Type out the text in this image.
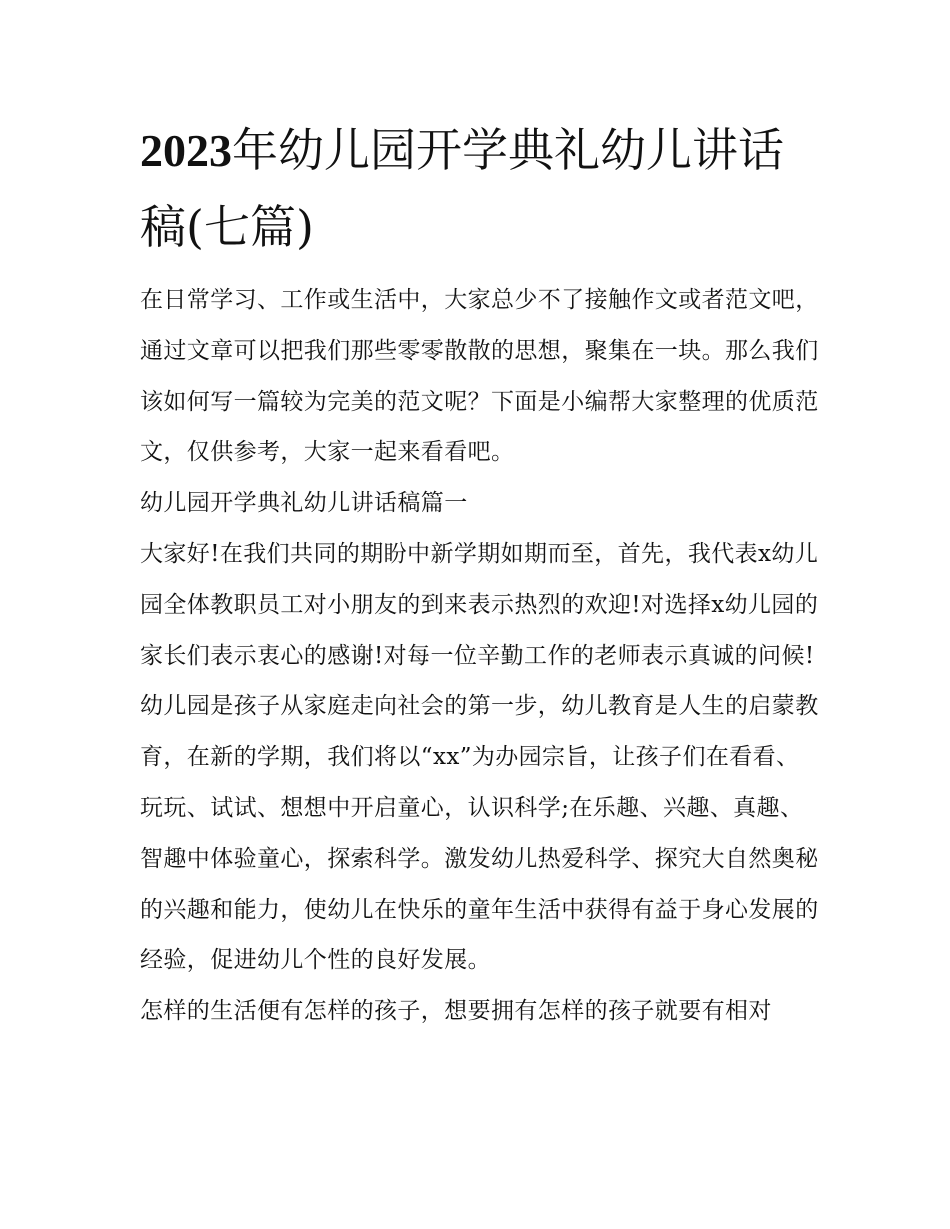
2023年幼儿园开学典礼幼儿讲话稿(七篇)

在日常学习、工作或生活中，大家总少不了接触作文或者范文吧，通过文章可以把我们那些零零散散的思想，聚集在一块。那么我们该如何写一篇较为完美的范文呢？下面是小编帮大家整理的优质范文，仅供参考，大家一起来看看吧。

幼儿园开学典礼幼儿讲话稿篇一

大家好!在我们共同的期盼中新学期如期而至，首先，我代表x幼儿园全体教职员工对小朋友的到来表示热烈的欢迎!对选择x幼儿园的家长们表示衷心的感谢!对每一位辛勤工作的老师表示真诚的问候!

幼儿园是孩子从家庭走向社会的第一步，幼儿教育是人生的启蒙教育，在新的学期，我们将以“xx”为办园宗旨，让孩子们在看看、玩玩、试试、想想中开启童心，认识科学;在乐趣、兴趣、真趣、智趣中体验童心，探索科学。激发幼儿热爱科学、探究大自然奥秘的兴趣和能力，使幼儿在快乐的童年生活中获得有益于身心发展的经验，促进幼儿个性的良好发展。

怎样的生活便有怎样的孩子，想要拥有怎样的孩子就要有相对
